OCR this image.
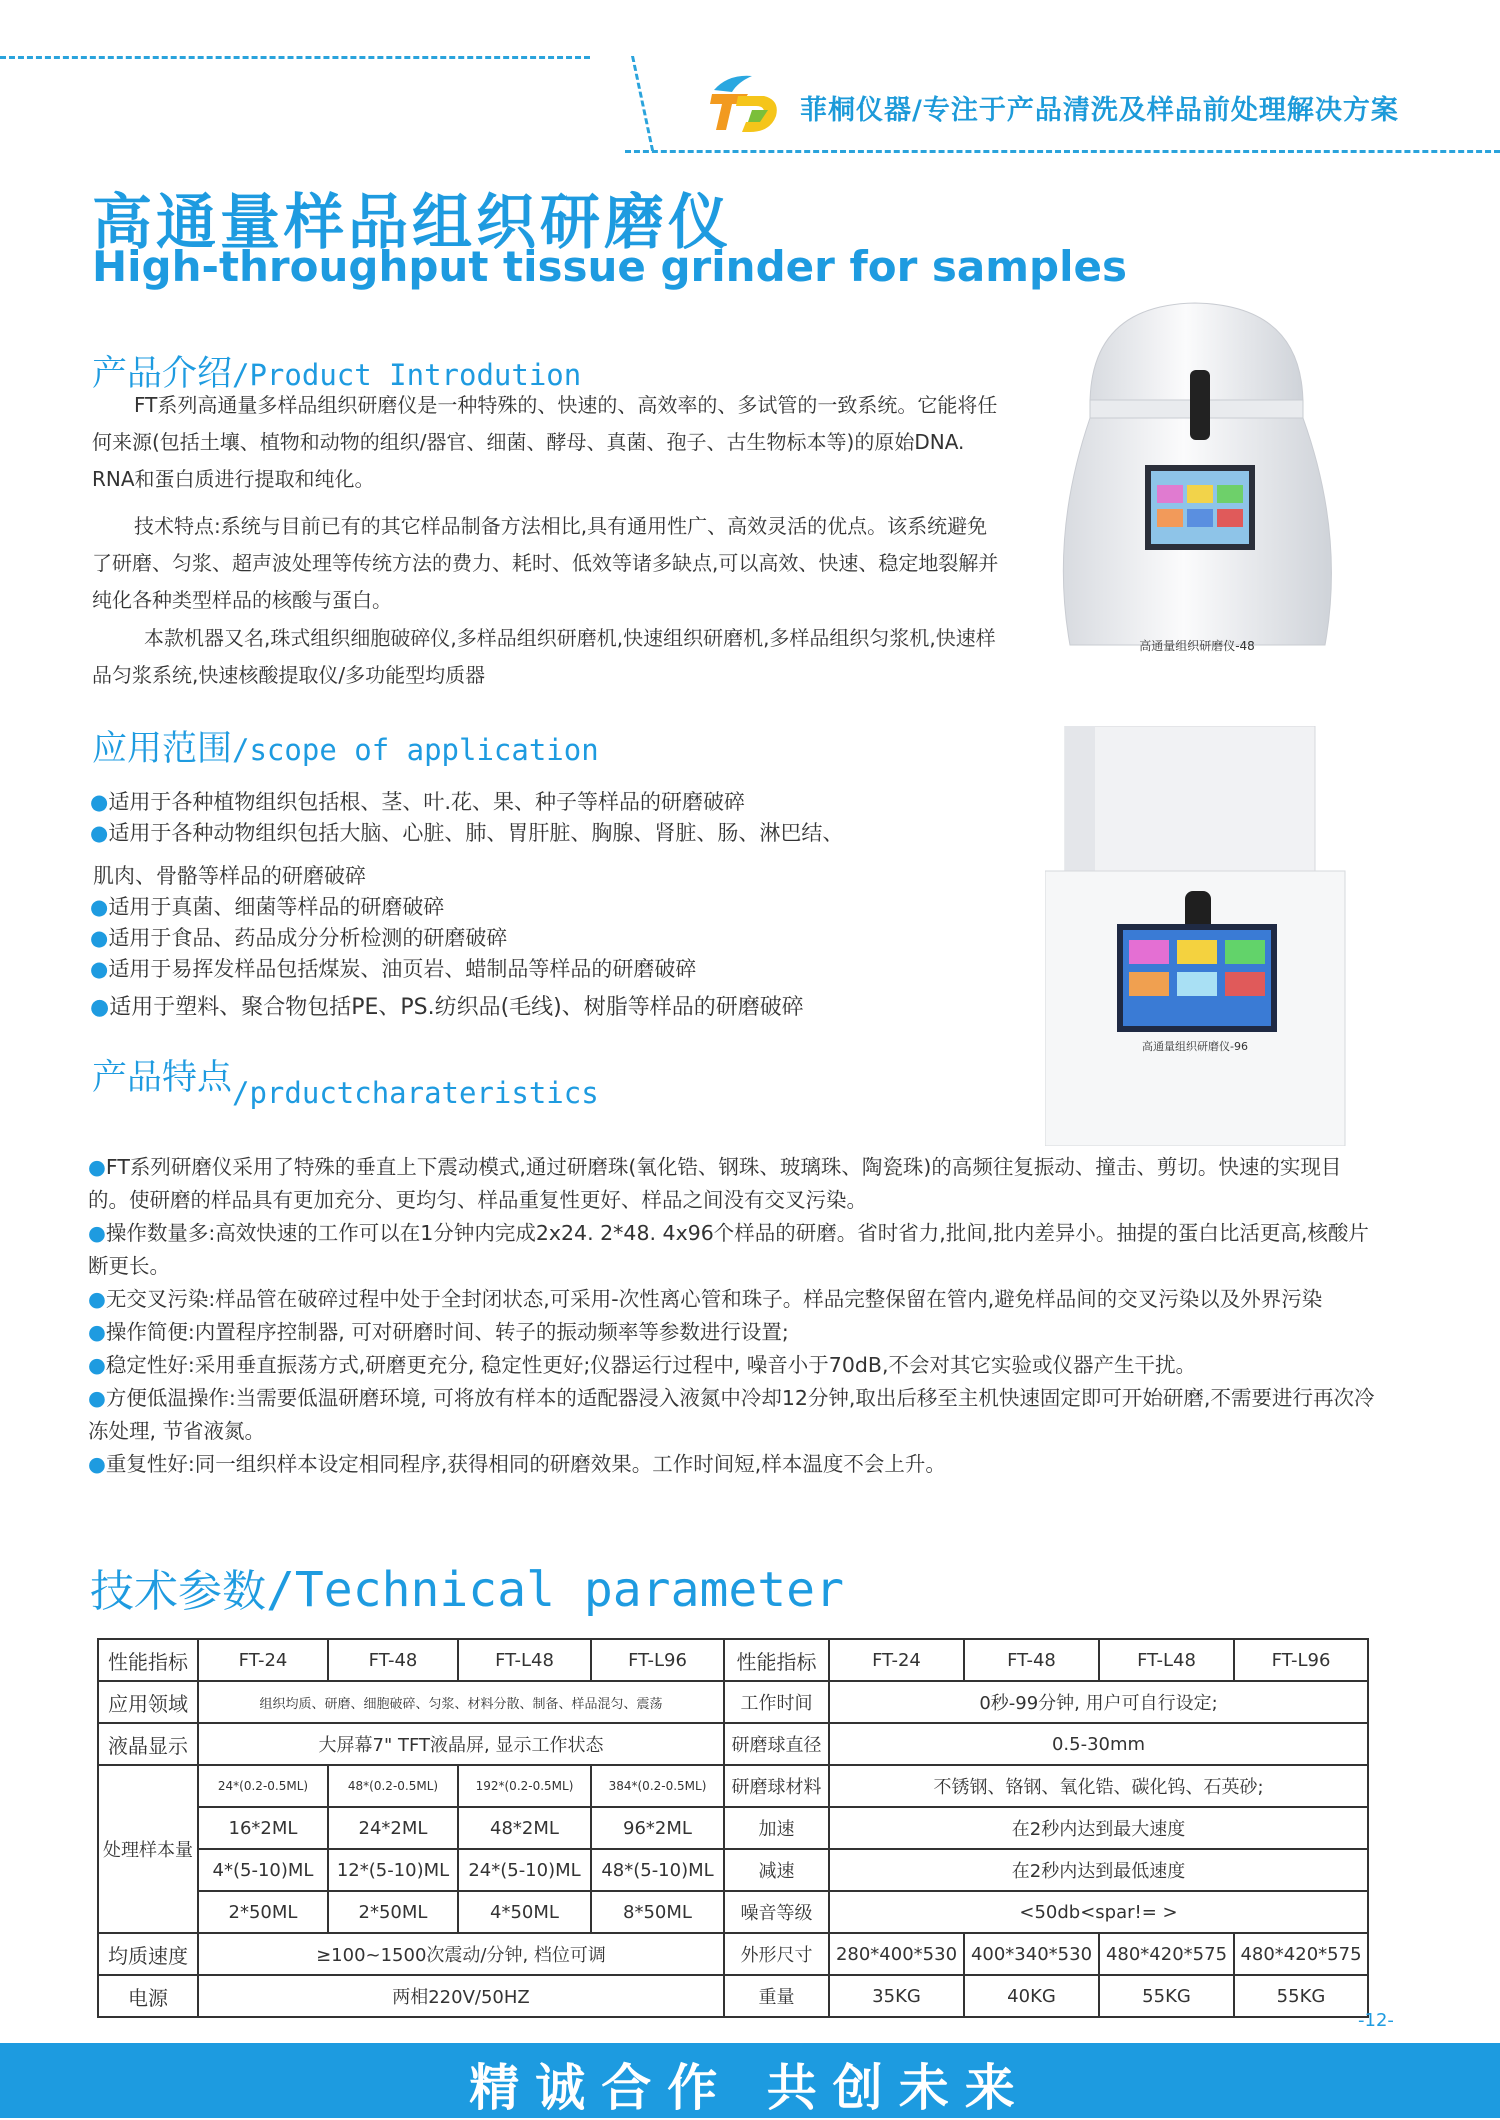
菲桐仪器/专注于产品清洗及样品前处理解决方案
高通量样品组织研磨仪
High-throughput tissue grinder for samples
产品介绍/Product Introdution
FT系列高通量多样品组织研磨仪是一种特殊的、快速的、高效率的、多试管的一致系统。它能将任何来源(包括土壤、植物和动物的组织/器官、细菌、酵母、真菌、孢子、古生物标本等)的原始DNA. RNA和蛋白质进行提取和纯化。
技术特点:系统与目前已有的其它样品制备方法相比,具有通用性广、高效灵活的优点。该系统避免了研磨、匀浆、超声波处理等传统方法的费力、耗时、低效等诸多缺点,可以高效、快速、稳定地裂解并纯化各种类型样品的核酸与蛋白。
本款机器又名,珠式组织细胞破碎仪,多样品组织研磨机,快速组织研磨机,多样品组织匀浆机,快速样品匀浆系统,快速核酸提取仪/多功能型均质器
高通量组织研磨仪-48
应用范围/scope of application
●适用于各种植物组织包括根、茎、叶.花、果、种子等样品的研磨破碎
●适用于各种动物组织包括大脑、心脏、肺、胃肝脏、胸腺、肾脏、肠、淋巴结、
肌肉、骨骼等样品的研磨破碎
●适用于真菌、细菌等样品的研磨破碎
●适用于食品、药品成分分析检测的研磨破碎
●适用于易挥发样品包括煤炭、油页岩、蜡制品等样品的研磨破碎
●适用于塑料、聚合物包括PE、PS.纺织品(毛线)、树脂等样品的研磨破碎
高通量组织研磨仪-96
产品特点$_{/prductcharateristics}$
●FT系列研磨仪采用了特殊的垂直上下震动模式,通过研磨珠(氧化锆、钢珠、玻璃珠、陶瓷珠)的高频往复振动、撞击、剪切。快速的实现目的。使研磨的样品具有更加充分、更均匀、样品重复性更好、样品之间没有交叉污染。
●操作数量多:高效快速的工作可以在1分钟内完成2x24. 2*48. 4x96个样品的研磨。省时省力,批间,批内差异小。抽提的蛋白比活更高,核酸片断更长。
●无交叉污染:样品管在破碎过程中处于全封闭状态,可采用-次性离心管和珠子。样品完整保留在管内,避免样品间的交叉污染以及外界污染
●操作简便:内置程序控制器, 可对研磨时间、转子的振动频率等参数进行设置;
●稳定性好:采用垂直振荡方式,研磨更充分, 稳定性更好;仪器运行过程中, 噪音小于70dB,不会对其它实验或仪器产生干扰。
●方便低温操作:当需要低温研磨环境, 可将放有样本的适配器浸入液氮中冷却12分钟,取出后移至主机快速固定即可开始研磨,不需要进行再次冷冻处理, 节省液氮。
●重复性好:同一组织样本设定相同程序,获得相同的研磨效果。工作时间短,样本温度不会上升。
技术参数/Technical parameter
性能指标	FT-24	FT-48	FT-L48	FT-L96	性能指标	FT-24	FT-48	FT-L48	FT-L96
应用领域	组织均质、研磨、细胞破碎、匀浆、材料分散、制备、样品混匀、震荡				工作时间	0秒-99分钟, 用户可自行设定;			
液晶显示	大屏幕7" TFT液晶屏, 显示工作状态				研磨球直径	0.5-30mm			
处理样本量	24*(0.2-0.5ML)	48*(0.2-0.5ML)	192*(0.2-0.5ML)	384*(0.2-0.5ML)	研磨球材料	不锈钢、铬钢、氧化锆、碳化钨、石英砂;			
	16*2ML	24*2ML	48*2ML	96*2ML	加速	在2秒内达到最大速度			
	4*(5-10)ML	12*(5-10)ML	24*(5-10)ML	48*(5-10)ML	减速	在2秒内达到最低速度			
	2*50ML	2*50ML	4*50ML	8*50ML	噪音等级	<50db<spar!= >			
均质速度	≥100~1500次震动/分钟, 档位可调				外形尺寸	280*400*530	400*340*530	480*420*575	480*420*575
电源	两相220V/50HZ				重量	35KG	40KG	55KG	55KG
-12-
精诚合作 共创未来
